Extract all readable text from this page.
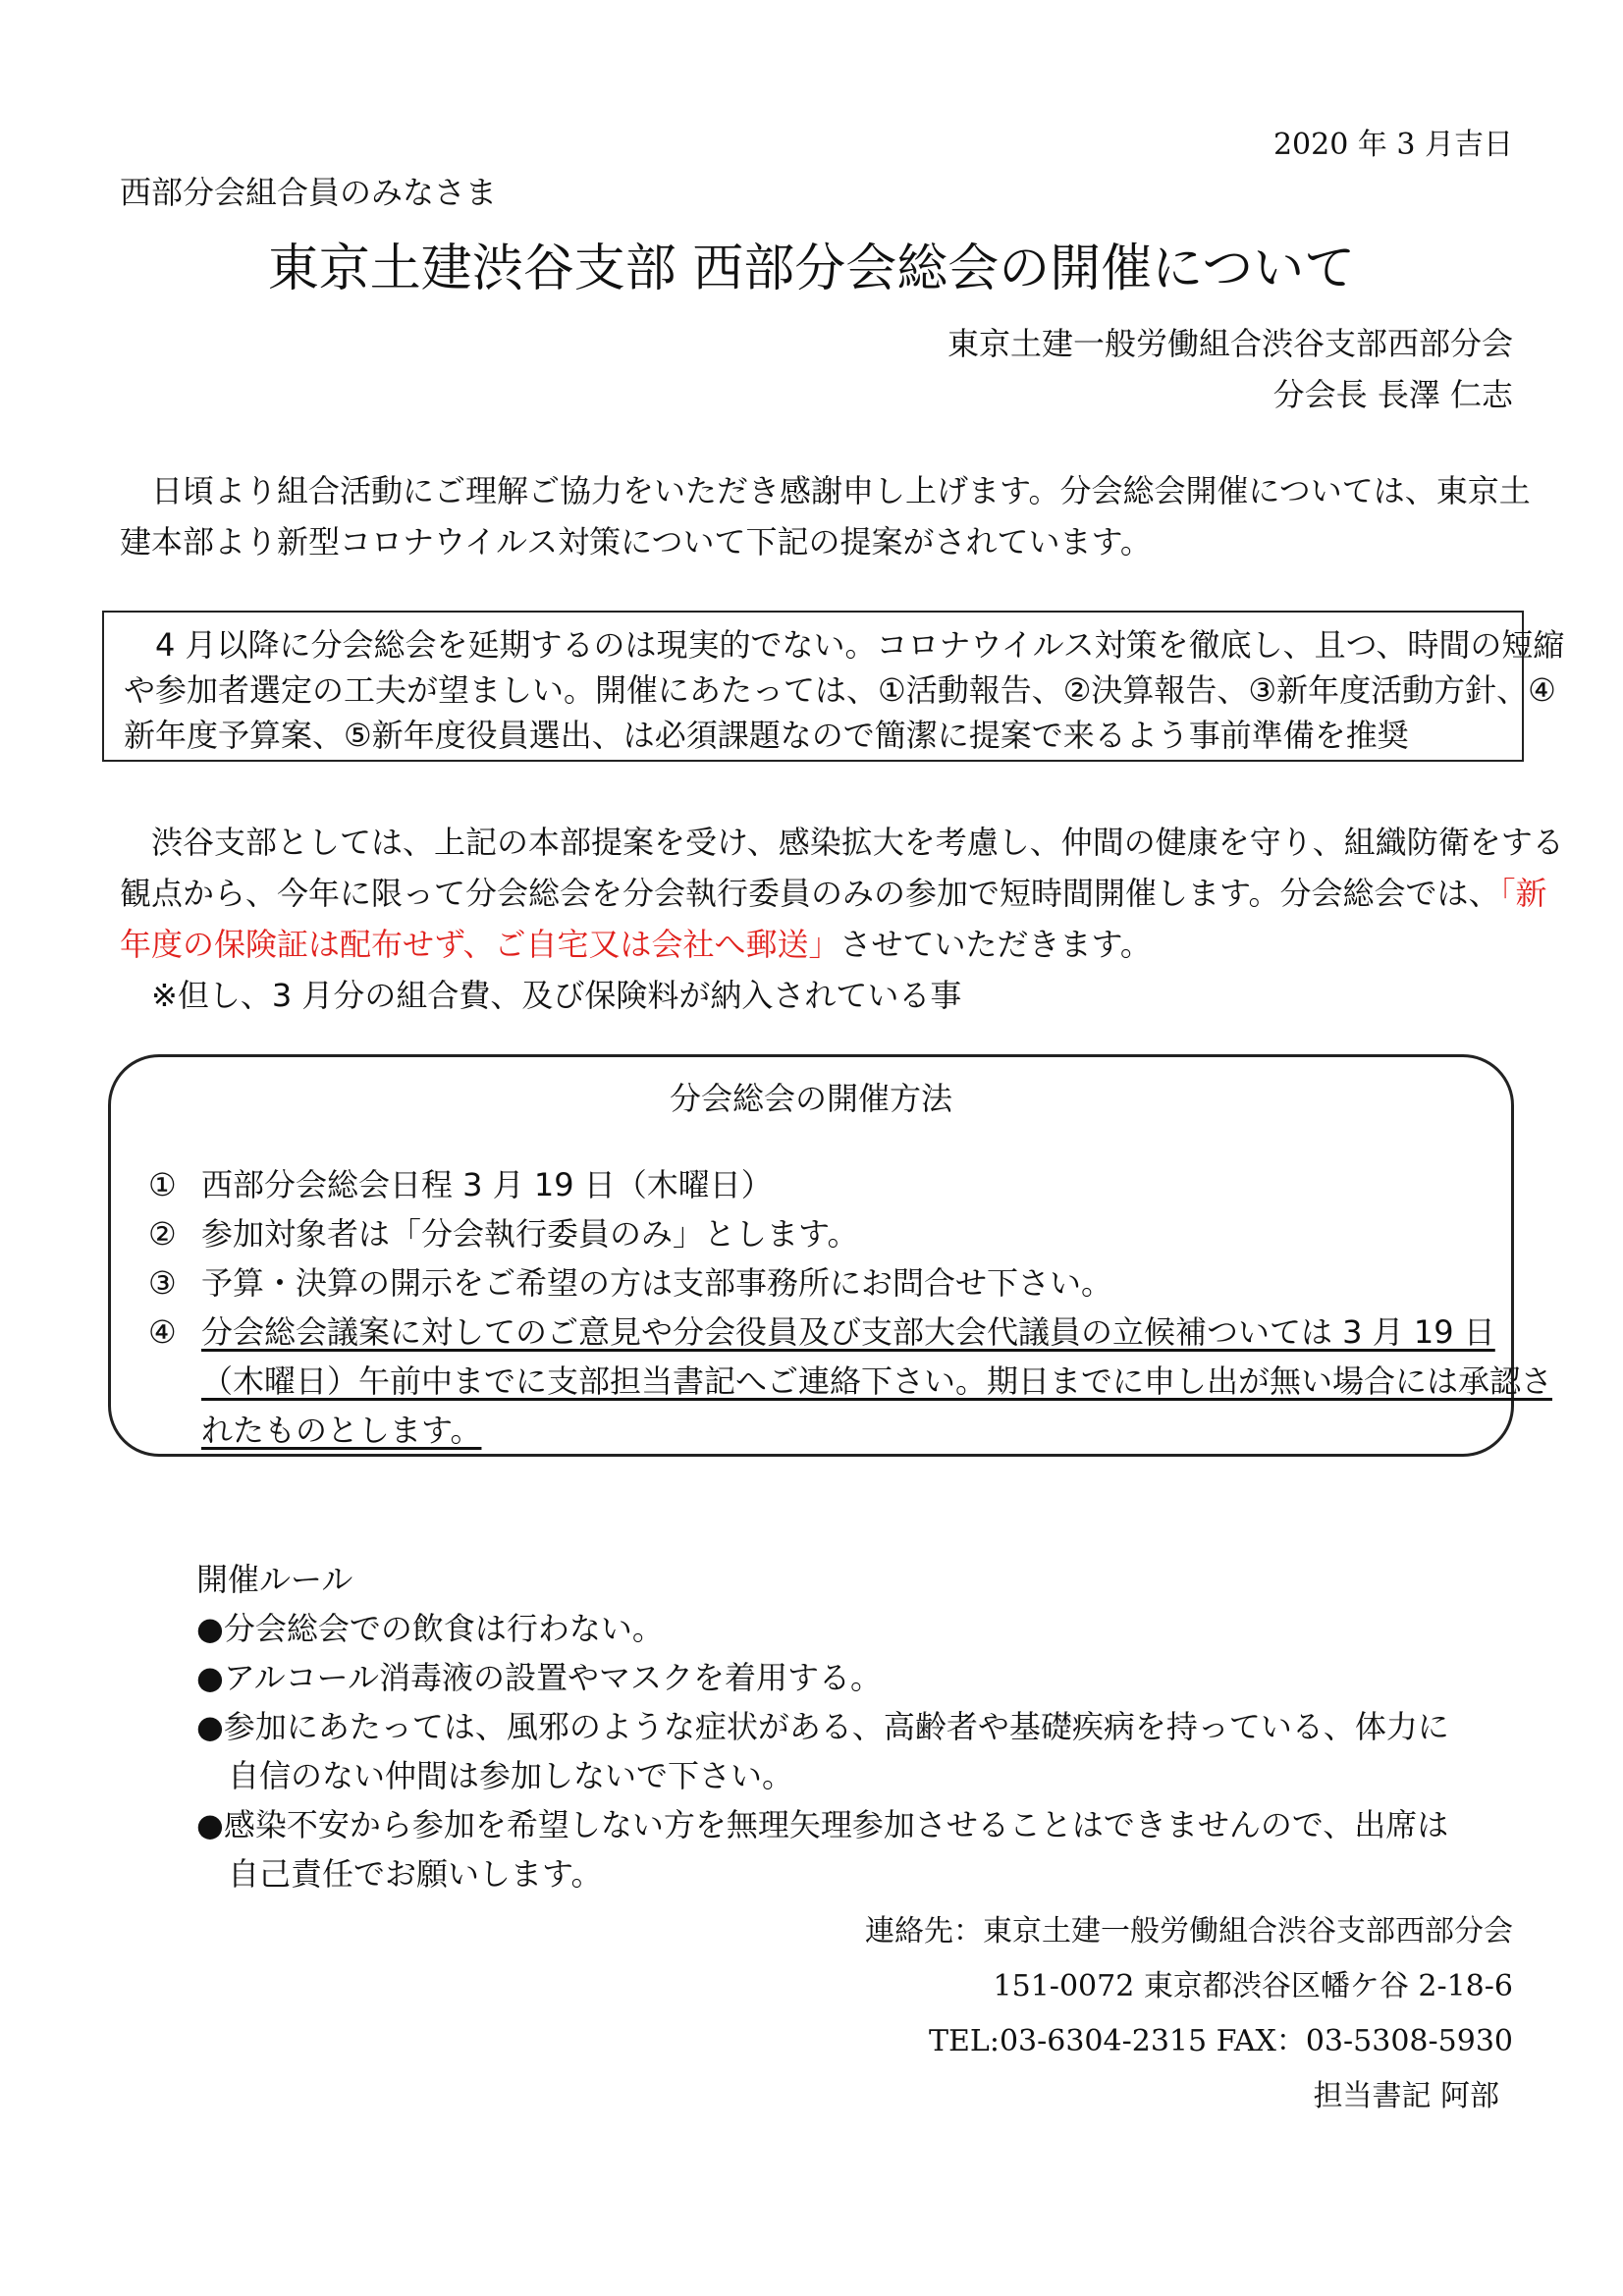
2020 年 3 月吉日
西部分会組合員のみなさま
東京土建渋谷支部 西部分会総会の開催について
東京土建一般労働組合渋谷支部西部分会
分会長 長澤 仁志

日頃より組合活動にご理解ご協力をいただき感謝申し上げます。分会総会開催については、東京土

建本部より新型コロナウイルス対策について下記の提案がされています。

4 月以降に分会総会を延期するのは現実的でない。コロナウイルス対策を徹底し、且つ、時間の短縮

や参加者選定の工夫が望ましい。開催にあたっては、①活動報告、②決算報告、③新年度活動方針、④

新年度予算案、⑤新年度役員選出、は必須課題なので簡潔に提案で来るよう事前準備を推奨

渋谷支部としては、上記の本部提案を受け、感染拡大を考慮し、仲間の健康を守り、組織防衛をする

観点から、今年に限って分会総会を分会執行委員のみの参加で短時間開催します。分会総会では、「新

年度の保険証は配布せず、ご自宅又は会社へ郵送」させていただきます。

※但し、3 月分の組合費、及び保険料が納入されている事

分会総会の開催方法
① 西部分会総会日程 3 月 19 日（木曜日）
② 参加対象者は「分会執行委員のみ」とします。
③ 予算・決算の開示をご希望の方は支部事務所にお問合せ下さい。
④ 分会総会議案に対してのご意見や分会役員及び支部大会代議員の立候補ついては 3 月 19 日
（木曜日）午前中までに支部担当書記へご連絡下さい。期日までに申し出が無い場合には承認さ
れたものとします。

開催ルール

●分会総会での飲食は行わない。

●アルコール消毒液の設置やマスクを着用する。

●参加にあたっては、風邪のような症状がある、高齢者や基礎疾病を持っている、体力に

　自信のない仲間は参加しないで下さい。

●感染不安から参加を希望しない方を無理矢理参加させることはできませんので、出席は

　自己責任でお願いします。

連絡先：東京土建一般労働組合渋谷支部西部分会

151-0072 東京都渋谷区幡ケ谷 2-18-6

TEL:03-6304-2315 FAX：03-5308-5930

担当書記 阿部
